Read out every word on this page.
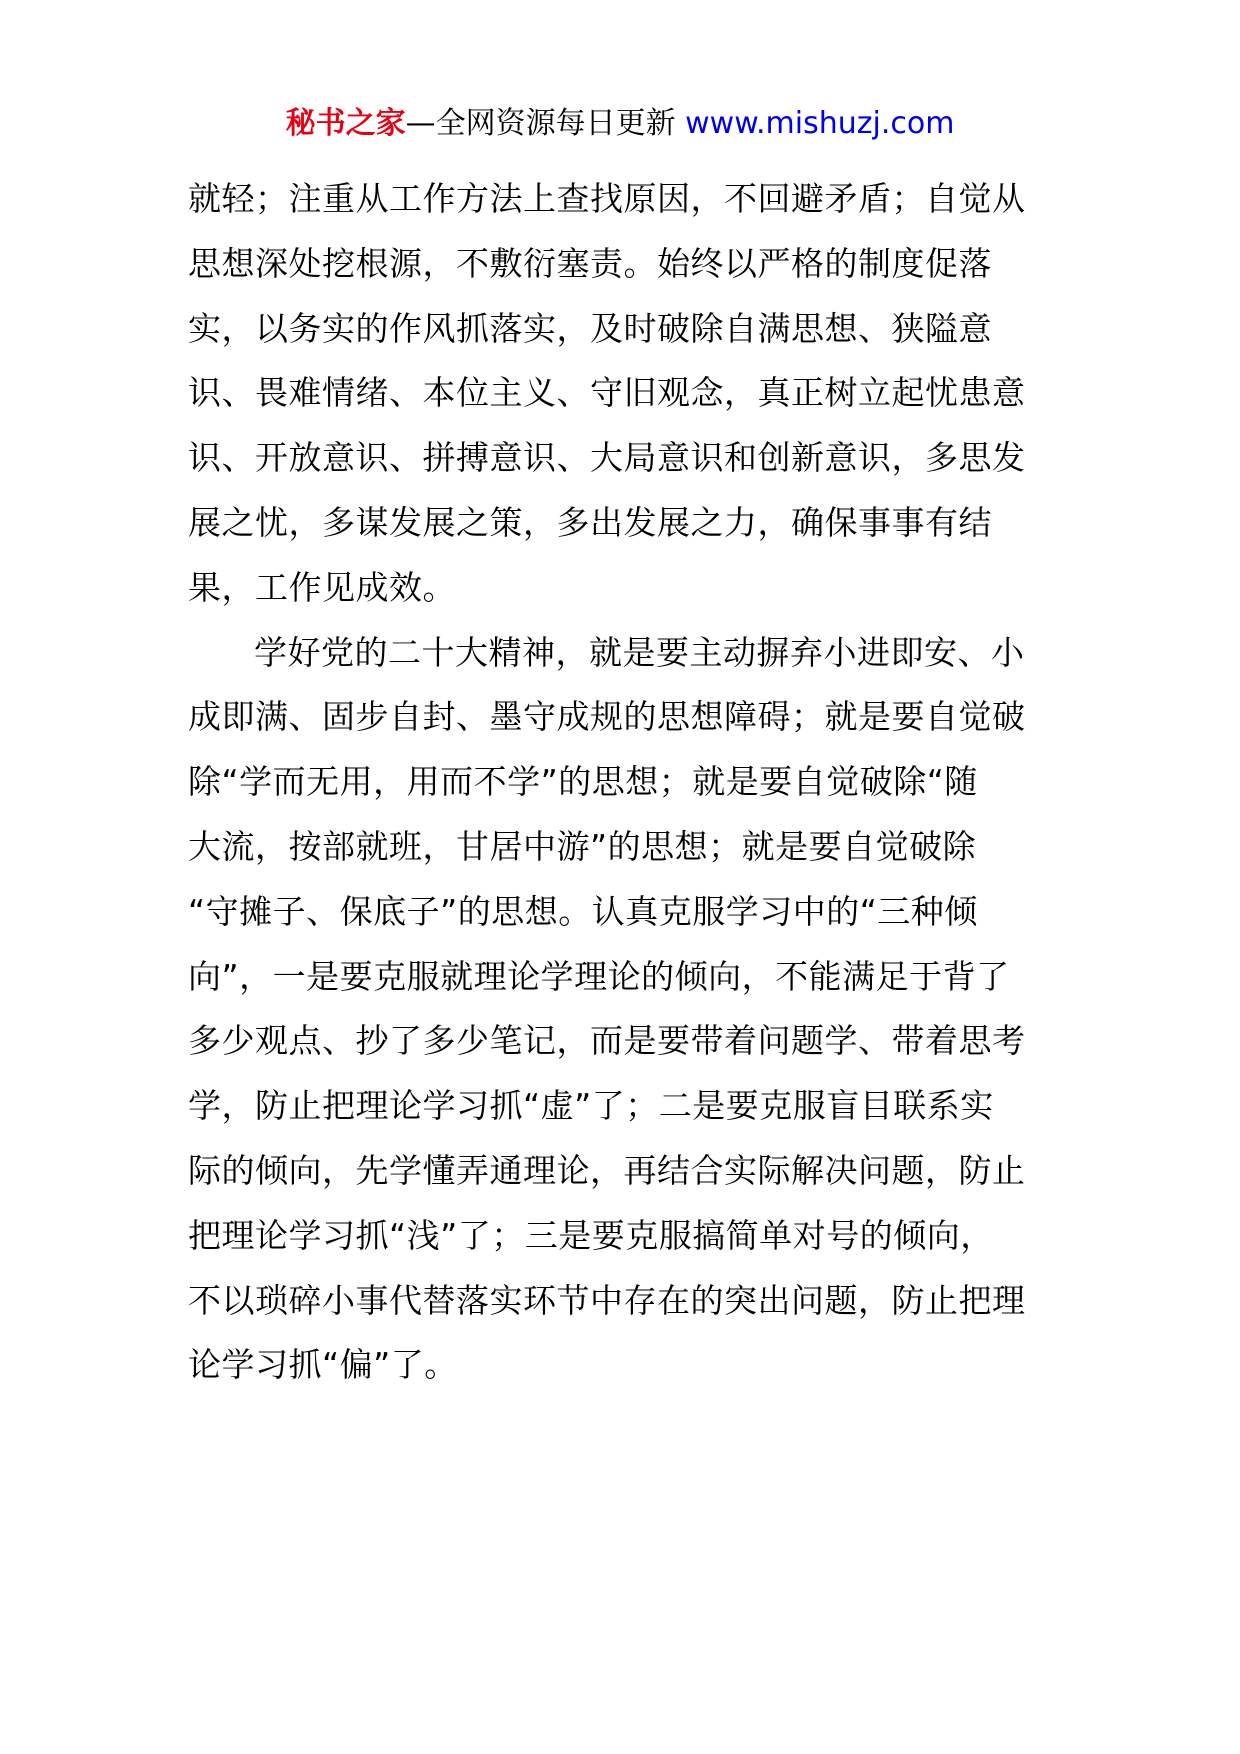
秘书之家—全网资源每日更新 www.mishuzj.com
就轻；注重从工作方法上查找原因，不回避矛盾；自觉从
思想深处挖根源，不敷衍塞责。始终以严格的制度促落
实，以务实的作风抓落实，及时破除自满思想、狭隘意
识、畏难情绪、本位主义、守旧观念，真正树立起忧患意
识、开放意识、拼搏意识、大局意识和创新意识，多思发
展之忧，多谋发展之策，多出发展之力，确保事事有结
果，工作见成效。
学好党的二十大精神，就是要主动摒弃小进即安、小
成即满、固步自封、墨守成规的思想障碍；就是要自觉破
除“学而无用，用而不学”的思想；就是要自觉破除“随
大流，按部就班，甘居中游”的思想；就是要自觉破除
“守摊子、保底子”的思想。认真克服学习中的“三种倾
向”，一是要克服就理论学理论的倾向，不能满足于背了
多少观点、抄了多少笔记，而是要带着问题学、带着思考
学，防止把理论学习抓“虚”了；二是要克服盲目联系实
际的倾向，先学懂弄通理论，再结合实际解决问题，防止
把理论学习抓“浅”了；三是要克服搞简单对号的倾向，
不以琐碎小事代替落实环节中存在的突出问题，防止把理
论学习抓“偏”了。
